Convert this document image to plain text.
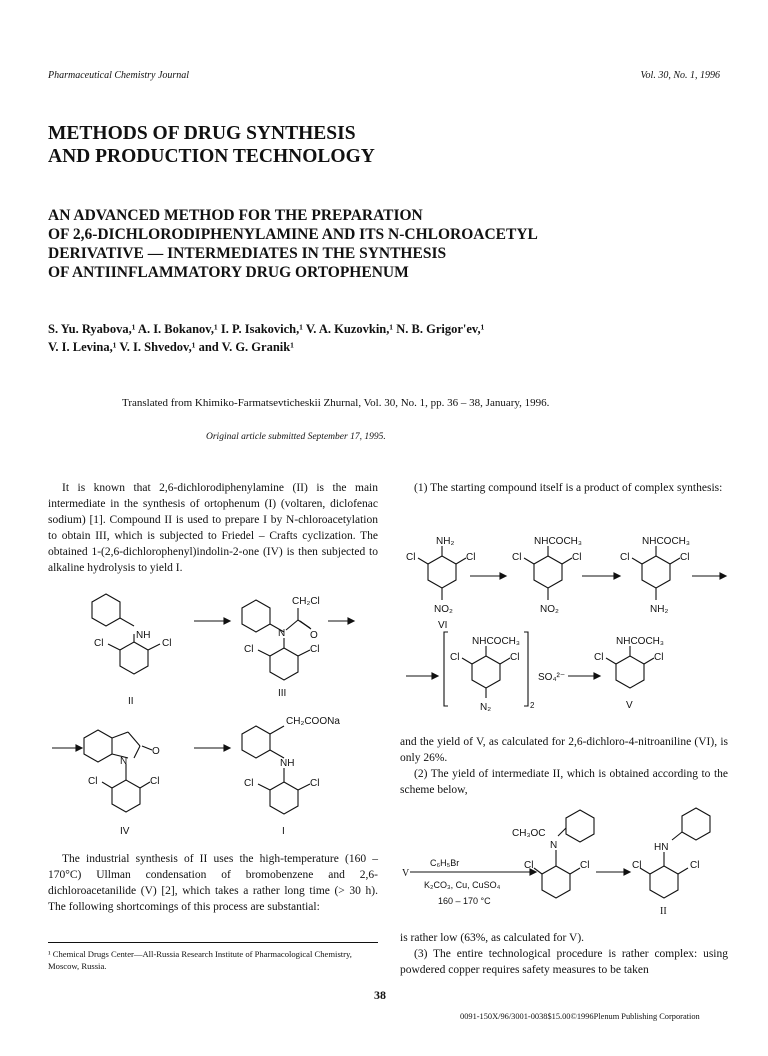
Pharmaceutical Chemistry Journal	Vol. 30, No. 1, 1996
METHODS OF DRUG SYNTHESIS
AND PRODUCTION TECHNOLOGY
AN ADVANCED METHOD FOR THE PREPARATION
OF 2,6-DICHLORODIPHENYLAMINE AND ITS N-CHLOROACETYL
DERIVATIVE — INTERMEDIATES IN THE SYNTHESIS
OF ANTIINFLAMMATORY DRUG ORTOPHENUM
S. Yu. Ryabova,¹ A. I. Bokanov,¹ I. P. Isakovich,¹ V. A. Kuzovkin,¹ N. B. Grigor'ev,¹
V. I. Levina,¹ V. I. Shvedov,¹ and V. G. Granik¹
Translated from Khimiko-Farmatsevticheskii Zhurnal, Vol. 30, No. 1, pp. 36 – 38, January, 1996.
Original article submitted September 17, 1995.

It is known that 2,6-dichlorodiphenylamine (II) is the main intermediate in the synthesis of ortophenum (I) (voltaren, diclofenac sodium) [1]. Compound II is used to prepare I by N-chloroacetylation to obtain III, which is subjected to Friedel – Crafts cyclization. The obtained 1-(2,6-dichlorophenyl)indolin-2-one (IV) is then subjected to alkaline hydrolysis to yield I.

NH
Cl	Cl
CH₂Cl
N O
Cl	Cl
N
O
Cl	Cl
CH₂COONa
NH
Cl	Cl
II
III
IV	I

The industrial synthesis of II uses the high-temperature (160 – 170°C) Ullman condensation of bromobenzene and 2,6-dichloroacetanilide (V) [2], which takes a rather long time (> 30 h). The following shortcomings of this process are substantial:

¹ Chemical Drugs Center—All-Russia Research Institute of Pharmacological Chemistry, Moscow, Russia.

(1) The starting compound itself is a product of complex synthesis:

NH₂
Cl	Cl
NO₂
NHCOCH₃
Cl	Cl
NO₂
NHCOCH₃
Cl	Cl
NH₂
NHCOCH₃
Cl	Cl
N₂	2
SO₄²⁻
NHCOCH₃
Cl	Cl
VI
V

and the yield of V, as calculated for 2,6-dichloro-4-nitroaniline (VI), is only 26%.

(2) The yield of intermediate II, which is obtained according to the scheme below,

V
C₆H₅Br
K₂CO₃, Cu, CuSO₄
160 – 170 °C
CH₃OC
N
Cl	Cl
HN
Cl	Cl
II

is rather low (63%, as calculated for V).

(3) The entire technological procedure is rather complex: using powdered copper requires safety measures to be taken

38
0091-150X/96/3001-0038$15.00©1996Plenum Publishing Corporation
